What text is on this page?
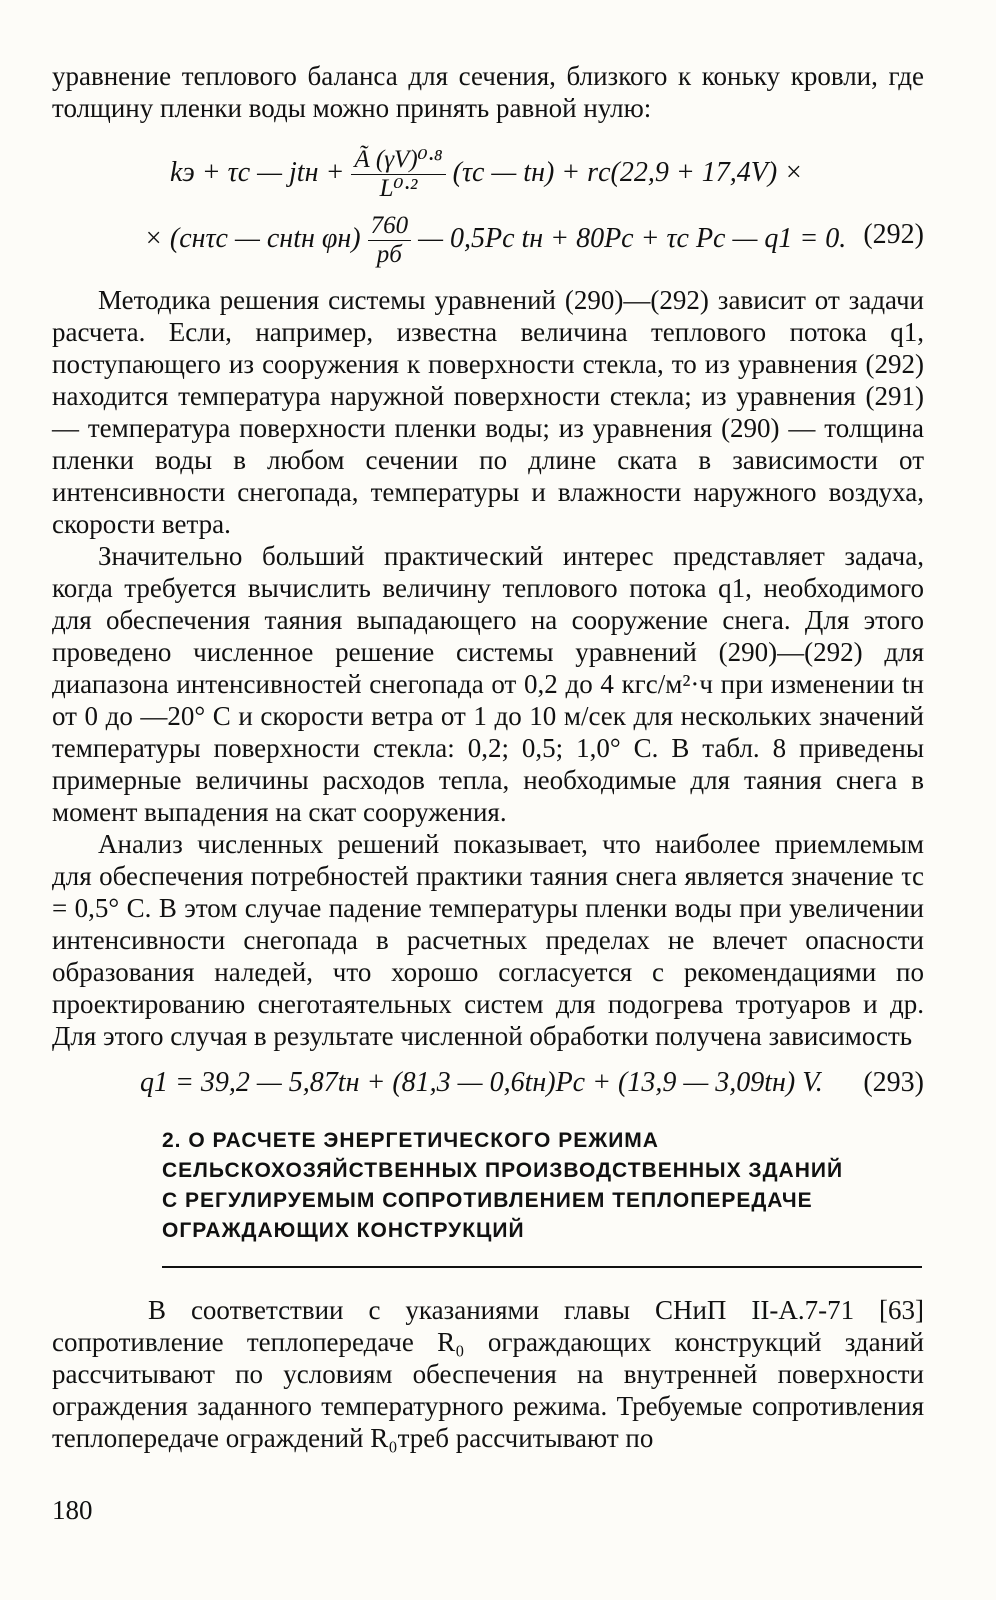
уравнение теплового баланса для сечения, близкого к коньку кровли, где толщину пленки воды можно принять равной нулю:

kэ + τс — jtн + $\frac{\text{Ã (γV)⁰·⁸}}{\text{L⁰·²}} (\tau с$ — tн) + rс(22,9 + 17,4V) ×
× (cнτс — cнtн $\varphi н) \frac{760}{pб}$ — 0,5Pс tн + 80Pс + τс Pс — q1 = 0. (292)

Методика решения системы уравнений (290)—(292) зависит от задачи расчета. Если, например, известна величина теплового потока q1, поступающего из сооружения к поверхности стекла, то из уравнения (292) находится температура наружной поверхности стекла; из уравнения (291) — температура поверхности пленки воды; из уравнения (290) — толщина пленки воды в любом сечении по длине ската в зависимости от интенсивности снегопада, температуры и влажности наружного воздуха, скорости ветра.

Значительно больший практический интерес представляет задача, когда требуется вычислить величину теплового потока q1, необходимого для обеспечения таяния выпадающего на сооружение снега. Для этого проведено численное решение системы уравнений (290)—(292) для диапазона интенсивностей снегопада от 0,2 до 4 кгс/м²·ч при изменении tн от 0 до —20° С и скорости ветра от 1 до 10 м/сек для нескольких значений температуры поверхности стекла: 0,2; 0,5; 1,0° С. В табл. 8 приведены примерные величины расходов тепла, необходимые для таяния снега в момент выпадения на скат сооружения.

Анализ численных решений показывает, что наиболее приемлемым для обеспечения потребностей практики таяния снега является значение τс = 0,5° С. В этом случае падение температуры пленки воды при увеличении интенсивности снегопада в расчетных пределах не влечет опасности образования наледей, что хорошо согласуется с рекомендациями по проектированию снеготаятельных систем для подогрева тротуаров и др. Для этого случая в результате численной обработки получена зависимость

q1 = 39,2 — 5,87tн + (81,3 — 0,6tн)Pс + (13,9 — 3,09tн) V. (293)
2. О РАСЧЕТЕ ЭНЕРГЕТИЧЕСКОГО РЕЖИМА
СЕЛЬСКОХОЗЯЙСТВЕННЫХ ПРОИЗВОДСТВЕННЫХ ЗДАНИЙ
С РЕГУЛИРУЕМЫМ СОПРОТИВЛЕНИЕМ ТЕПЛОПЕРЕДАЧЕ
ОГРАЖДАЮЩИХ КОНСТРУКЦИЙ

В соответствии с указаниями главы СНиП II-А.7-71 [63] сопротивление теплопередаче R₀ ограждающих конструкций зданий рассчитывают по условиям обеспечения на внутренней поверхности ограждения заданного температурного режима. Требуемые сопротивления теплопередаче ограждений R₀треб рассчитывают по

180
